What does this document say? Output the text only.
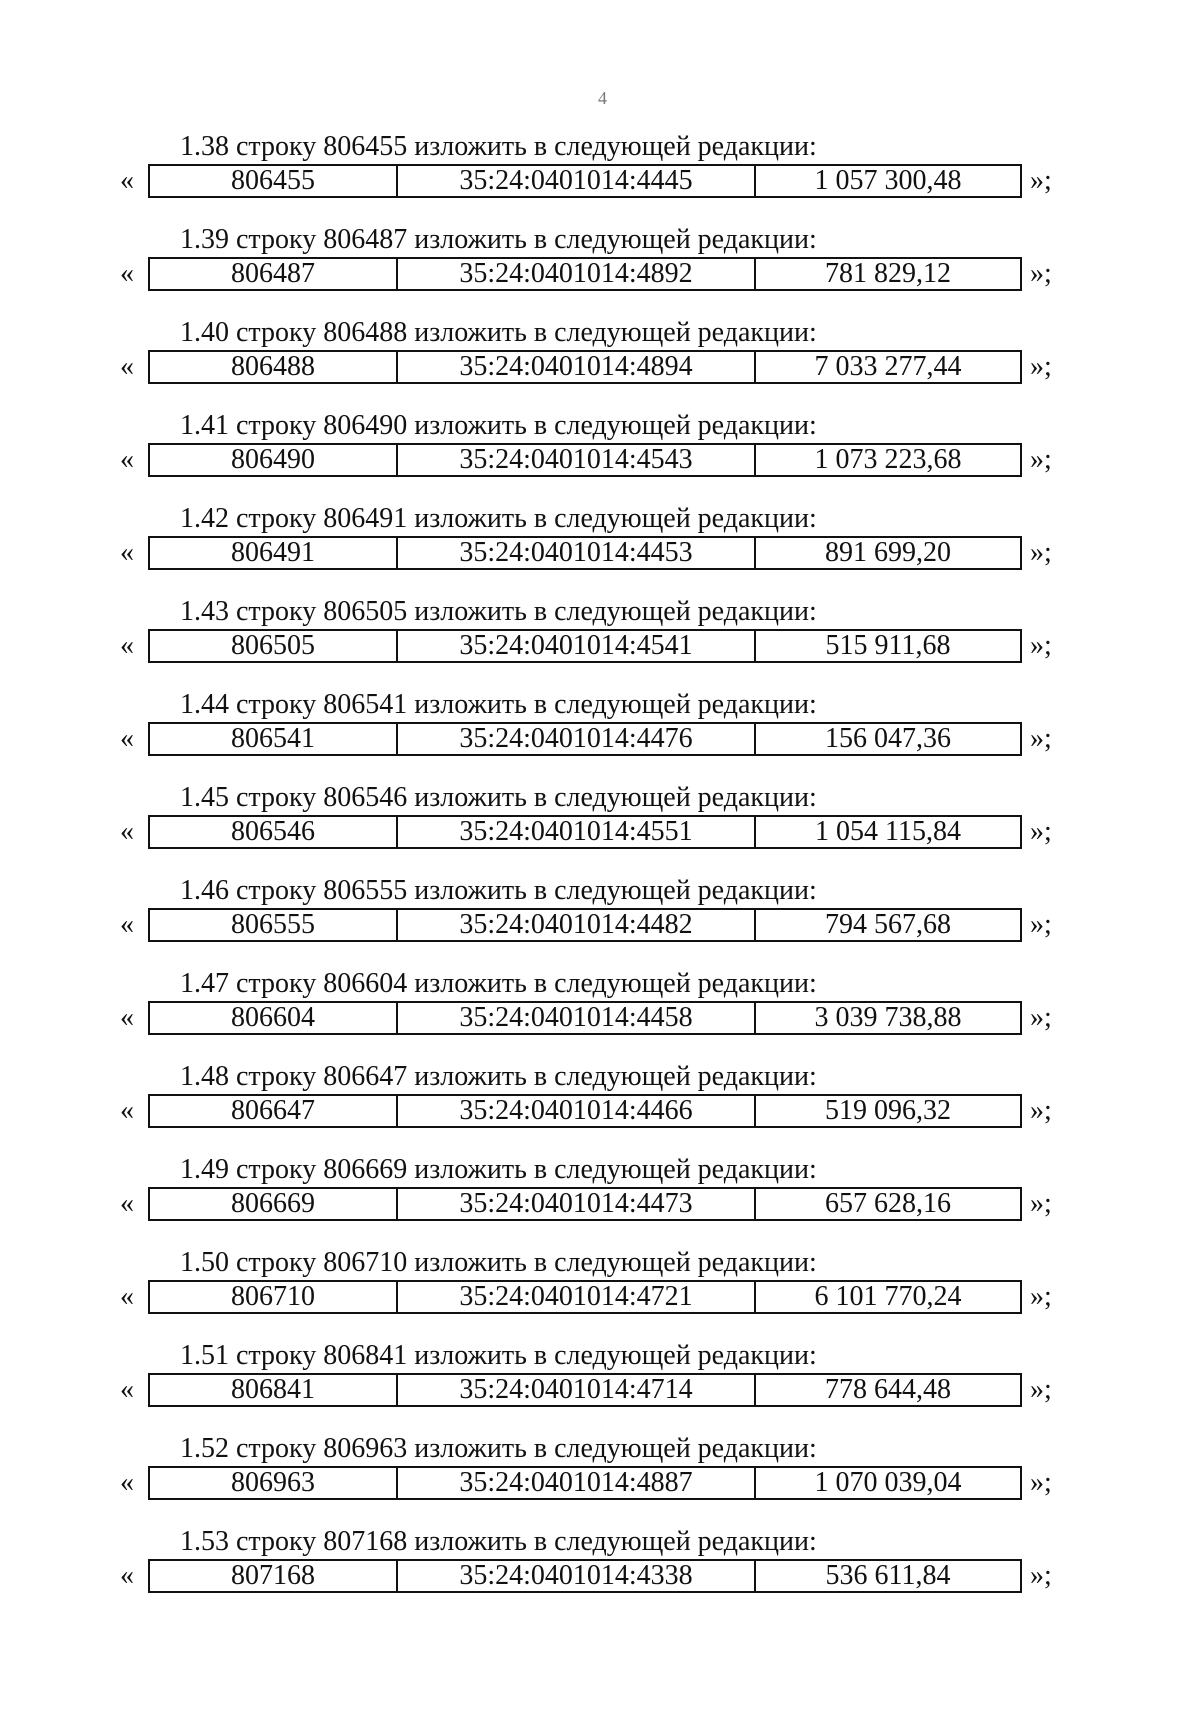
4
1.38 строку 806455 изложить в следующей редакции:
«	806455	35:24:0401014:4445	1 057 300,48	»;
1.39 строку 806487 изложить в следующей редакции:
«	806487	35:24:0401014:4892	781 829,12	»;
1.40 строку 806488 изложить в следующей редакции:
«	806488	35:24:0401014:4894	7 033 277,44	»;
1.41 строку 806490 изложить в следующей редакции:
«	806490	35:24:0401014:4543	1 073 223,68	»;
1.42 строку 806491 изложить в следующей редакции:
«	806491	35:24:0401014:4453	891 699,20	»;
1.43 строку 806505 изложить в следующей редакции:
«	806505	35:24:0401014:4541	515 911,68	»;
1.44 строку 806541 изложить в следующей редакции:
«	806541	35:24:0401014:4476	156 047,36	»;
1.45 строку 806546 изложить в следующей редакции:
«	806546	35:24:0401014:4551	1 054 115,84	»;
1.46 строку 806555 изложить в следующей редакции:
«	806555	35:24:0401014:4482	794 567,68	»;
1.47 строку 806604 изложить в следующей редакции:
«	806604	35:24:0401014:4458	3 039 738,88	»;
1.48 строку 806647 изложить в следующей редакции:
«	806647	35:24:0401014:4466	519 096,32	»;
1.49 строку 806669 изложить в следующей редакции:
«	806669	35:24:0401014:4473	657 628,16	»;
1.50 строку 806710 изложить в следующей редакции:
«	806710	35:24:0401014:4721	6 101 770,24	»;
1.51 строку 806841 изложить в следующей редакции:
«	806841	35:24:0401014:4714	778 644,48	»;
1.52 строку 806963 изложить в следующей редакции:
«	806963	35:24:0401014:4887	1 070 039,04	»;
1.53 строку 807168 изложить в следующей редакции:
«	807168	35:24:0401014:4338	536 611,84	»;
